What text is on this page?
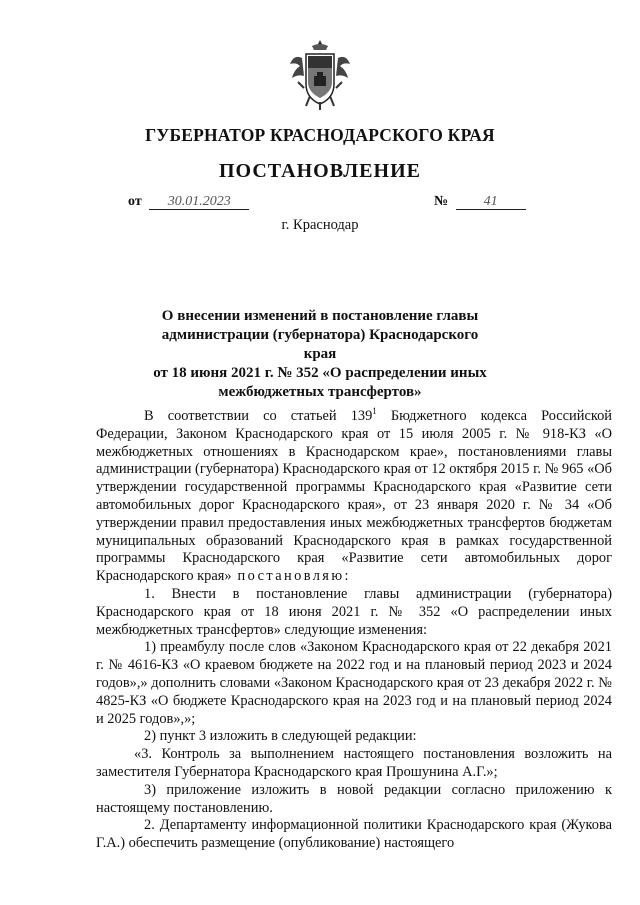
ГУБЕРНАТОР КРАСНОДАРСКОГО КРАЯ
ПОСТАНОВЛЕНИЕ
от 30.01.2023	№	41
г. Краснодар
О внесении изменений в постановление главы
администрации (губернатора) Краснодарского края
от 18 июня 2021 г. № 352 «О распределении иных
межбюджетных трансфертов»

В соответствии со статьей $139^1$ Бюджетного кодекса Российской Федерации, Законом Краснодарского края от 15 июля 2005 г. № 918-КЗ «О межбюджетных отношениях в Краснодарском крае», постановлениями главы администрации (губернатора) Краснодарского края от 12 октября 2015 г. № 965 «Об утверждении государственной программы Краснодарского края «Развитие сети автомобильных дорог Краснодарского края», от 23 января 2020 г. № 34 «Об утверждении правил предоставления иных межбюджетных трансфертов бюджетам муниципальных образований Краснодарского края в рамках государственной программы Краснодарского края «Развитие сети автомобильных дорог Краснодарского края» постановляю:

1. Внести в постановление главы администрации (губернатора) Краснодарского края от 18 июня 2021 г. № 352 «О распределении иных межбюджетных трансфертов» следующие изменения:

1) преамбулу после слов «Законом Краснодарского края от 22 декабря 2021 г. № 4616-КЗ «О краевом бюджете на 2022 год и на плановый период 2023 и 2024 годов»,» дополнить словами «Законом Краснодарского края от 23 декабря 2022 г. № 4825-КЗ «О бюджете Краснодарского края на 2023 год и на плановый период 2024 и 2025 годов»,»;

2) пункт 3 изложить в следующей редакции:

«3. Контроль за выполнением настоящего постановления возложить на заместителя Губернатора Краснодарского края Прошунина А.Г.»;

3) приложение изложить в новой редакции согласно приложению к настоящему постановлению.

2. Департаменту информационной политики Краснодарского края (Жукова Г.А.) обеспечить размещение (опубликование) настоящего
